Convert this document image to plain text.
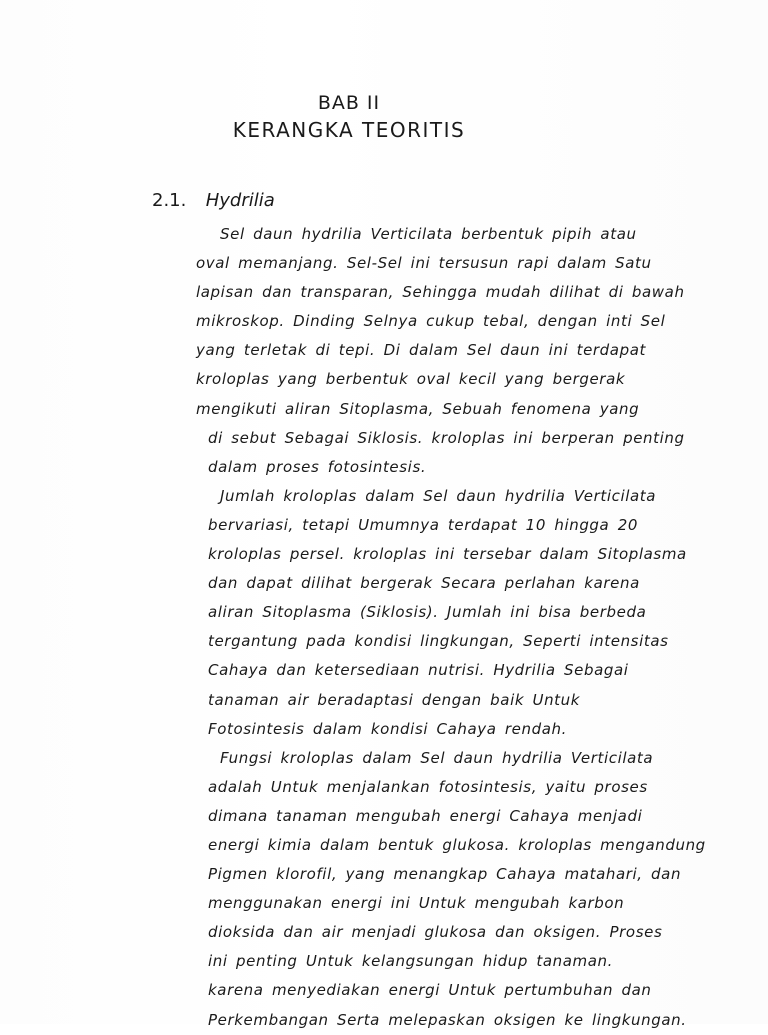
BAB II
KERANGKA TEORITIS
2.1. Hydrilia
Sel daun hydrilia Verticilata berbentuk pipih atau
oval memanjang. Sel-Sel ini tersusun rapi dalam Satu
lapisan dan transparan, Sehingga mudah dilihat di bawah
mikroskop. Dinding Selnya cukup tebal, dengan inti Sel
yang terletak di tepi. Di dalam Sel daun ini terdapat
kroloplas yang berbentuk oval kecil yang bergerak
mengikuti aliran Sitoplasma, Sebuah fenomena yang
di sebut Sebagai Siklosis. kroloplas ini berperan penting
dalam proses fotosintesis.
Jumlah kroloplas dalam Sel daun hydrilia Verticilata
bervariasi, tetapi Umumnya terdapat 10 hingga 20
kroloplas persel. kroloplas ini tersebar dalam Sitoplasma
dan dapat dilihat bergerak Secara perlahan karena
aliran Sitoplasma (Siklosis). Jumlah ini bisa berbeda
tergantung pada kondisi lingkungan, Seperti intensitas
Cahaya dan ketersediaan nutrisi. Hydrilia Sebagai
tanaman air beradaptasi dengan baik Untuk
Fotosintesis dalam kondisi Cahaya rendah.
Fungsi kroloplas dalam Sel daun hydrilia Verticilata
adalah Untuk menjalankan fotosintesis, yaitu proses
dimana tanaman mengubah energi Cahaya menjadi
energi kimia dalam bentuk glukosa. kroloplas mengandung
Pigmen klorofil, yang menangkap Cahaya matahari, dan
menggunakan energi ini Untuk mengubah karbon
dioksida dan air menjadi glukosa dan oksigen. Proses
ini penting Untuk kelangsungan hidup tanaman.
karena menyediakan energi Untuk pertumbuhan dan
Perkembangan Serta melepaskan oksigen ke lingkungan.
